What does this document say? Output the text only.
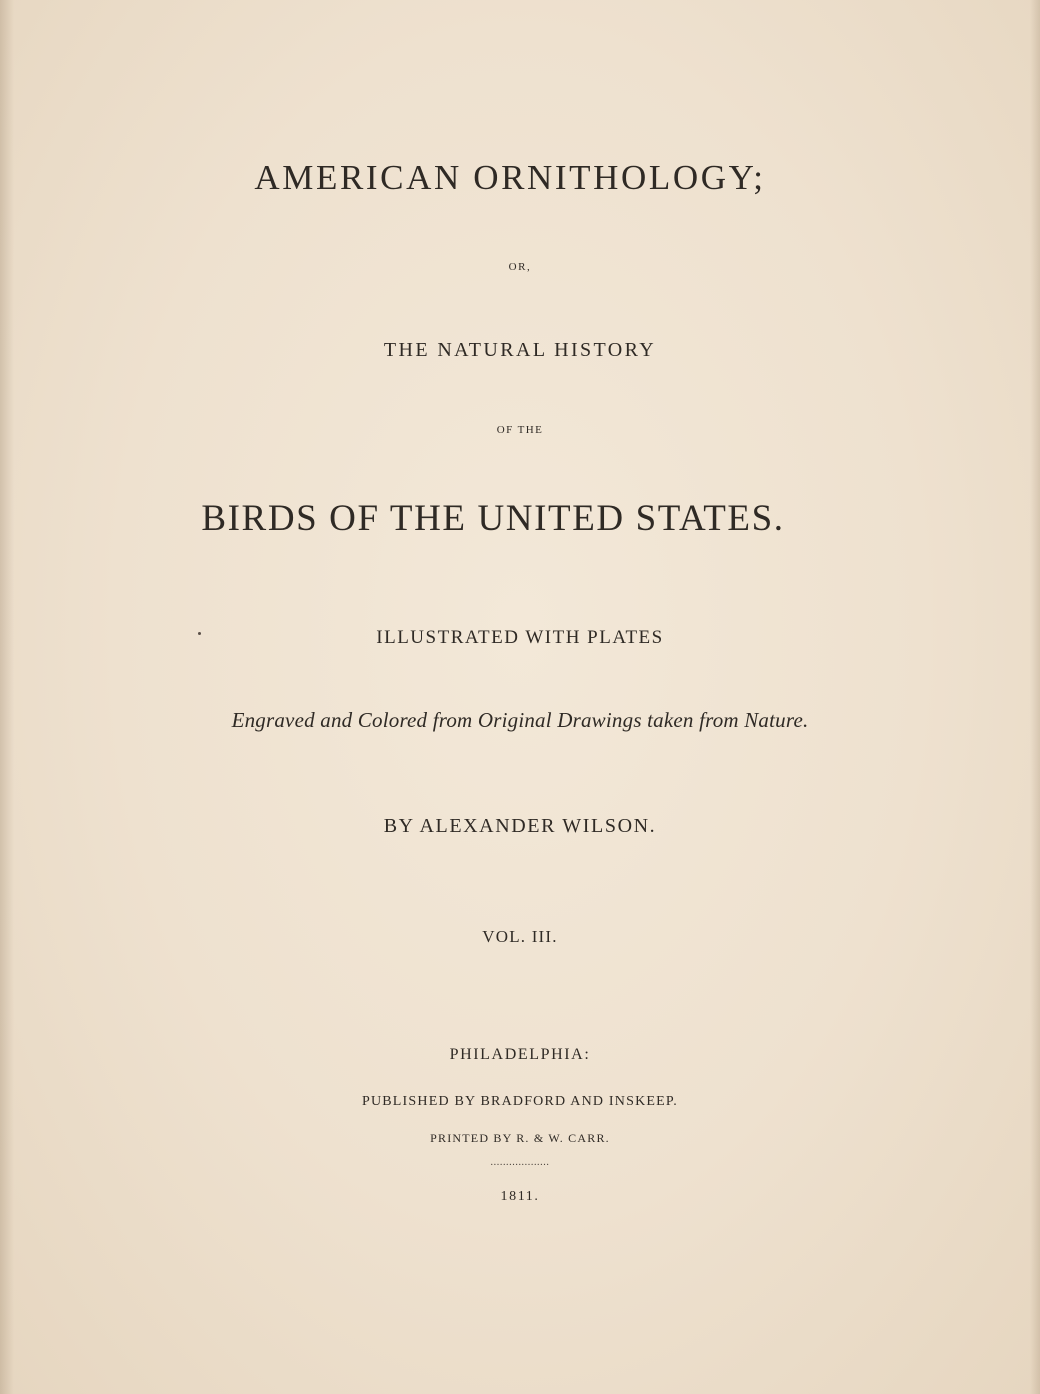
AMERICAN ORNITHOLOGY;

OR,

THE NATURAL HISTORY

OF THE

BIRDS OF THE UNITED STATES.

ILLUSTRATED WITH PLATES

Engraved and Colored from Original Drawings taken from Nature.

BY ALEXANDER WILSON.

VOL. III.

PHILADELPHIA:

PUBLISHED BY BRADFORD AND INSKEEP.

PRINTED BY R. & W. CARR.

...................

1811.
